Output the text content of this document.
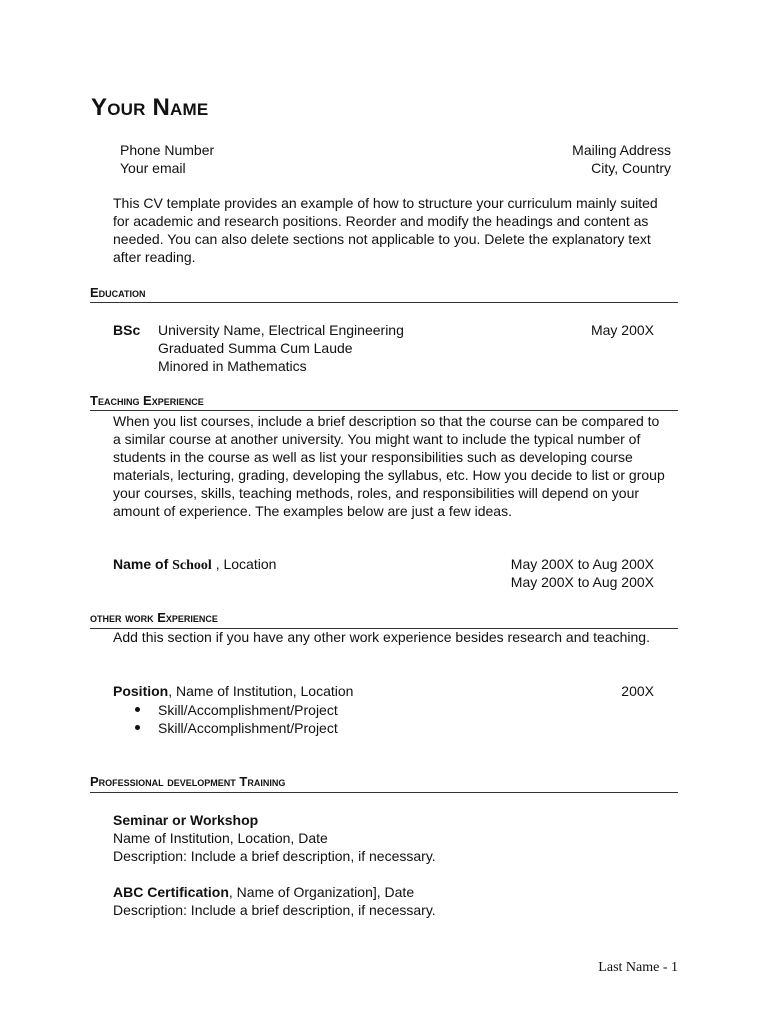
Your Name
Phone Number
Your email
Mailing Address
City, Country
This CV template provides an example of how to structure your curriculum mainly suited for academic and research positions. Reorder and modify the headings and content as needed. You can also delete sections not applicable to you. Delete the explanatory text after reading.
Education
BSc University Name, Electrical Engineering
Graduated Summa Cum Laude
Minored in Mathematics
May 200X
Teaching Experience
When you list courses, include a brief description so that the course can be compared to a similar course at another university. You might want to include the typical number of students in the course as well as list your responsibilities such as developing course materials, lecturing, grading, developing the syllabus, etc. How you decide to list or group your courses, skills, teaching methods, roles, and responsibilities will depend on your amount of experience. The examples below are just a few ideas.
Name of School , Location	May 200X to Aug 200X
May 200X to Aug 200X
other work Experience
Add this section if you have any other work experience besides research and teaching.
Position, Name of Institution, Location	200X
Skill/Accomplishment/Project
Skill/Accomplishment/Project
Professional development Training
Seminar or Workshop
Name of Institution, Location, Date
Description: Include a brief description, if necessary.
ABC Certification, Name of Organization], Date
Description: Include a brief description, if necessary.
Last Name - 1
